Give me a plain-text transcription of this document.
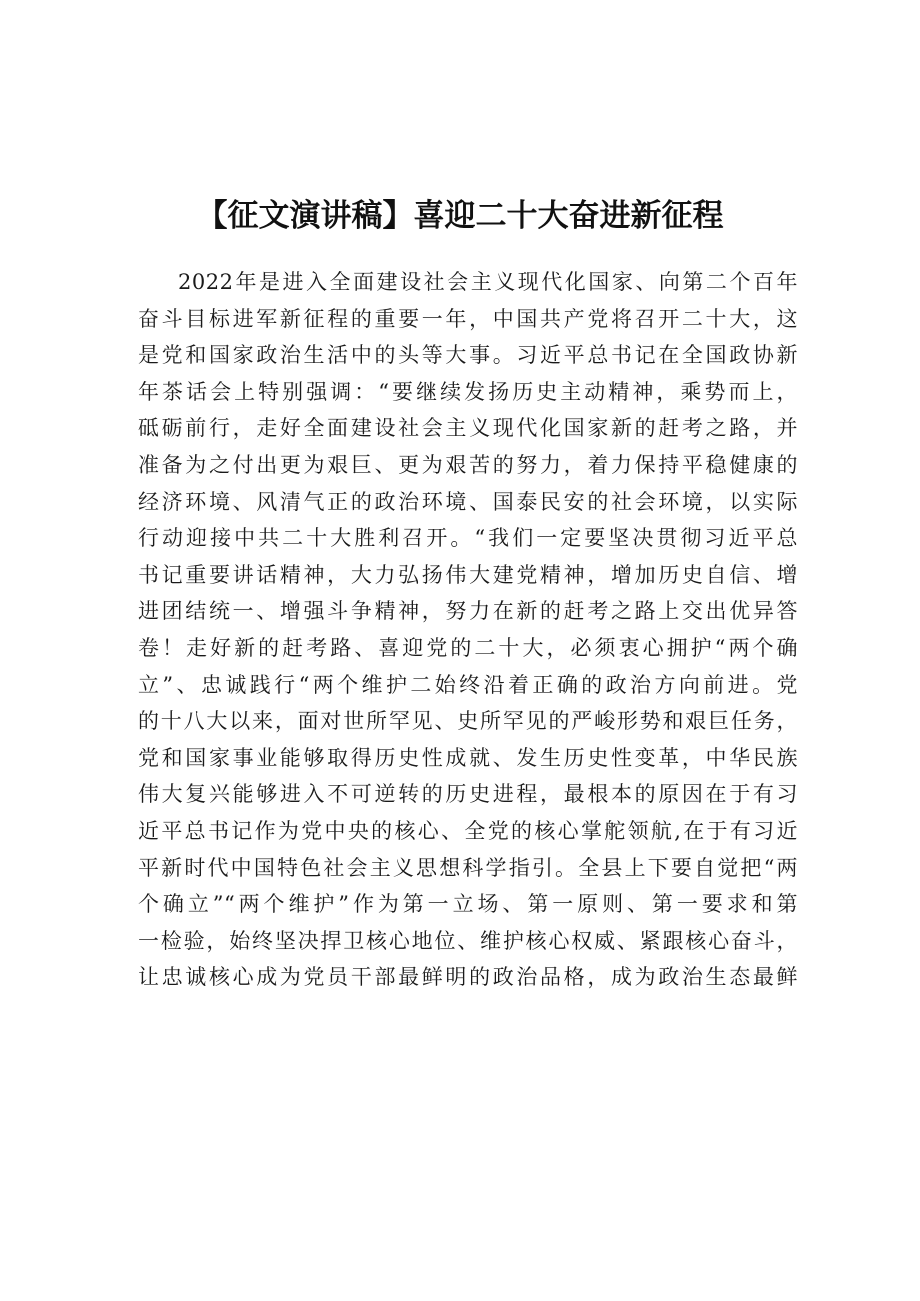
【征文演讲稿】喜迎二十大奋进新征程
2022年是进入全面建设社会主义现代化国家、向第二个百年
奋斗目标进军新征程的重要一年，中国共产党将召开二十大，这
是党和国家政治生活中的头等大事。习近平总书记在全国政协新
年茶话会上特别强调：“要继续发扬历史主动精神，乘势而上，
砥砺前行，走好全面建设社会主义现代化国家新的赶考之路，并
准备为之付出更为艰巨、更为艰苦的努力，着力保持平稳健康的
经济环境、风清气正的政治环境、国泰民安的社会环境，以实际
行动迎接中共二十大胜利召开。“我们一定要坚决贯彻习近平总
书记重要讲话精神，大力弘扬伟大建党精神，增加历史自信、增
进团结统一、增强斗争精神，努力在新的赶考之路上交出优异答
卷！走好新的赶考路、喜迎党的二十大，必须衷心拥护“两个确
立”、忠诚践行“两个维护二始终沿着正确的政治方向前进。党
的十八大以来，面对世所罕见、史所罕见的严峻形势和艰巨任务，
党和国家事业能够取得历史性成就、发生历史性变革，中华民族
伟大复兴能够进入不可逆转的历史进程，最根本的原因在于有习
近平总书记作为党中央的核心、全党的核心掌舵领航,在于有习近
平新时代中国特色社会主义思想科学指引。全县上下要自觉把“两
个确立”“两个维护”作为第一立场、第一原则、第一要求和第
一检验，始终坚决捍卫核心地位、维护核心权威、紧跟核心奋斗，
让忠诚核心成为党员干部最鲜明的政治品格，成为政治生态最鲜
